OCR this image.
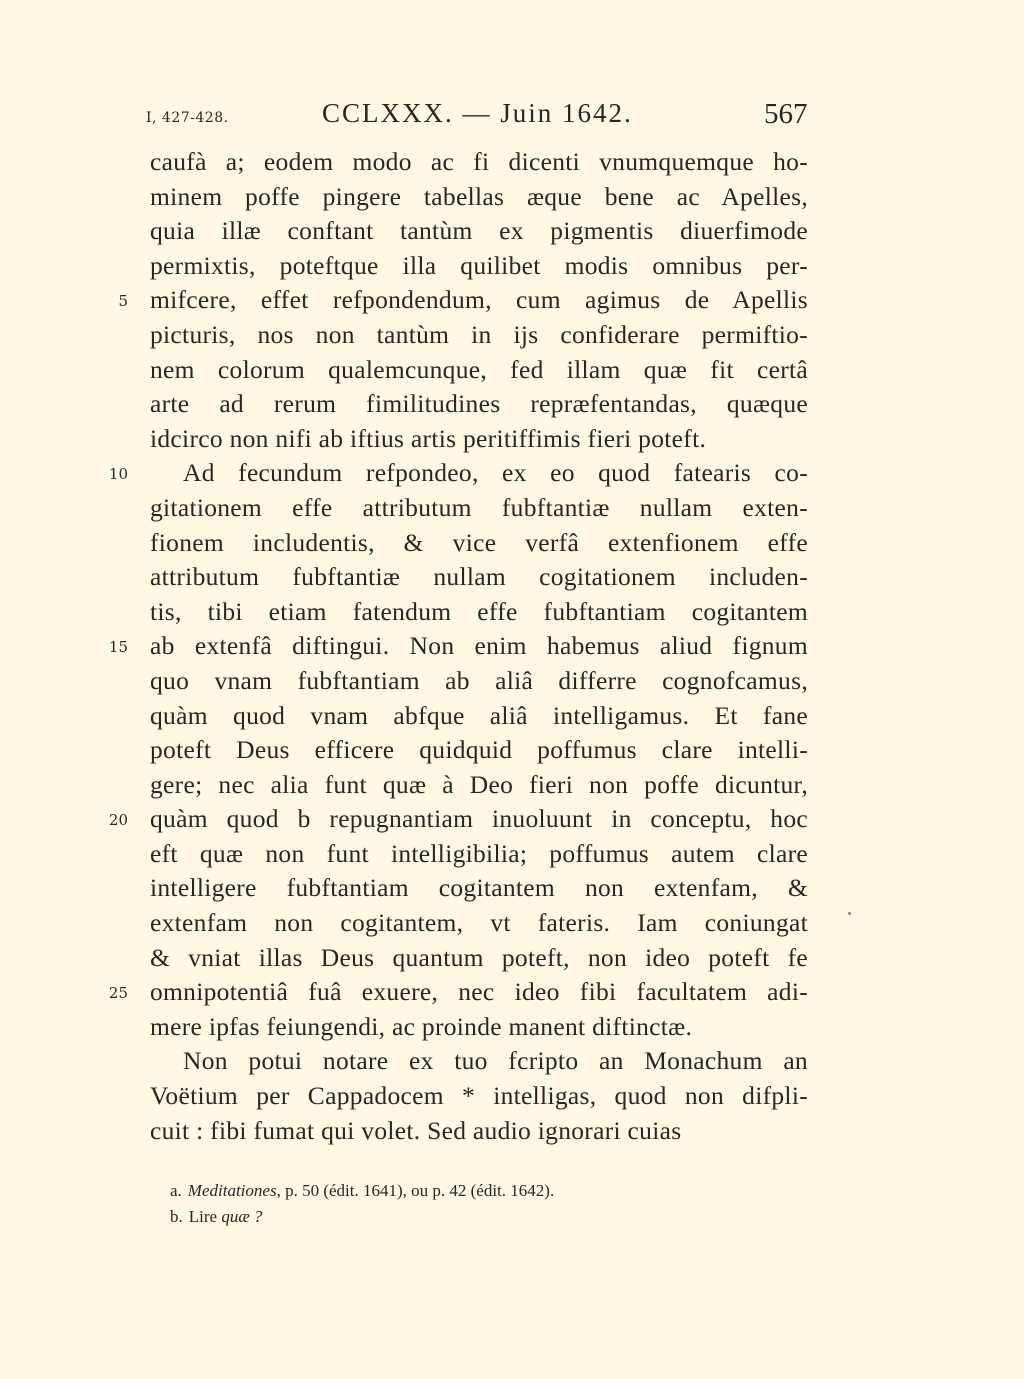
I, 427-428.	CCLXXX. — Juin 1642.	567
caufà a; eodem modo ac fi dicenti vnumquemque ho-
minem poffe pingere tabellas æque bene ac Apelles,
quia illæ conftant tantùm ex pigmentis diuerfimode
permixtis, poteftque illa quilibet modis omnibus per-
5 mifcere, effet refpondendum, cum agimus de Apellis
picturis, nos non tantùm in ijs confiderare permiftio-
nem colorum qualemcunque, fed illam quæ fit certâ
arte ad rerum fimilitudines repræfentandas, quæque
idcirco non nifi ab iftius artis peritiffimis fieri poteft.
10 Ad fecundum refpondeo, ex eo quod fatearis co-
gitationem effe attributum fubftantiæ nullam exten-
fionem includentis, & vice verfâ extenfionem effe
attributum fubftantiæ nullam cogitationem includen-
tis, tibi etiam fatendum effe fubftantiam cogitantem
15 ab extenfâ diftingui. Non enim habemus aliud fignum
quo vnam fubftantiam ab aliâ differre cognofcamus,
quàm quod vnam abfque aliâ intelligamus. Et fane
poteft Deus efficere quidquid poffumus clare intelli-
gere; nec alia funt quæ à Deo fieri non poffe dicuntur,
20 quàm quod b repugnantiam inuoluunt in conceptu, hoc
eft quæ non funt intelligibilia; poffumus autem clare
intelligere fubftantiam cogitantem non extenfam, &
extenfam non cogitantem, vt fateris. Iam coniungat
& vniat illas Deus quantum poteft, non ideo poteft fe
25 omnipotentiâ fuâ exuere, nec ideo fibi facultatem adi-
mere ipfas feiungendi, ac proinde manent diftinctæ.
Non potui notare ex tuo fcripto an Monachum an
Voëtium per Cappadocem * intelligas, quod non difpli-
cuit : fibi fumat qui volet. Sed audio ignorari cuias
a. Meditationes, p. 50 (édit. 1641), ou p. 42 (édit. 1642).
b. Lire quæ ?
